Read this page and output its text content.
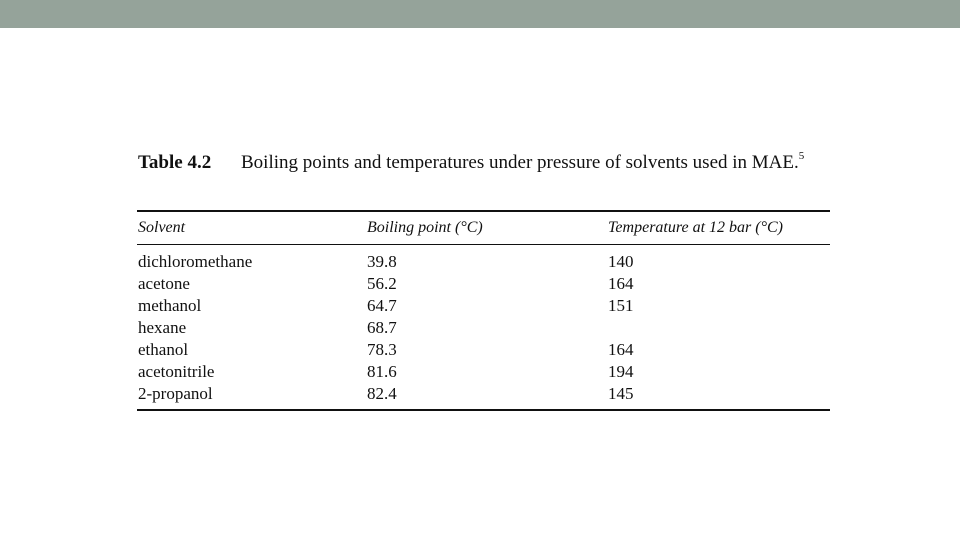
Table 4.2 Boiling points and temperatures under pressure of solvents used in MAE.$^5$
Solvent	Boiling point (°C)	Temperature at 12 bar (°C)
dichloromethane	39.8	140
acetone	56.2	164
methanol	64.7	151
hexane	68.7
ethanol	78.3	164
acetonitrile	81.6	194
2-propanol	82.4	145
